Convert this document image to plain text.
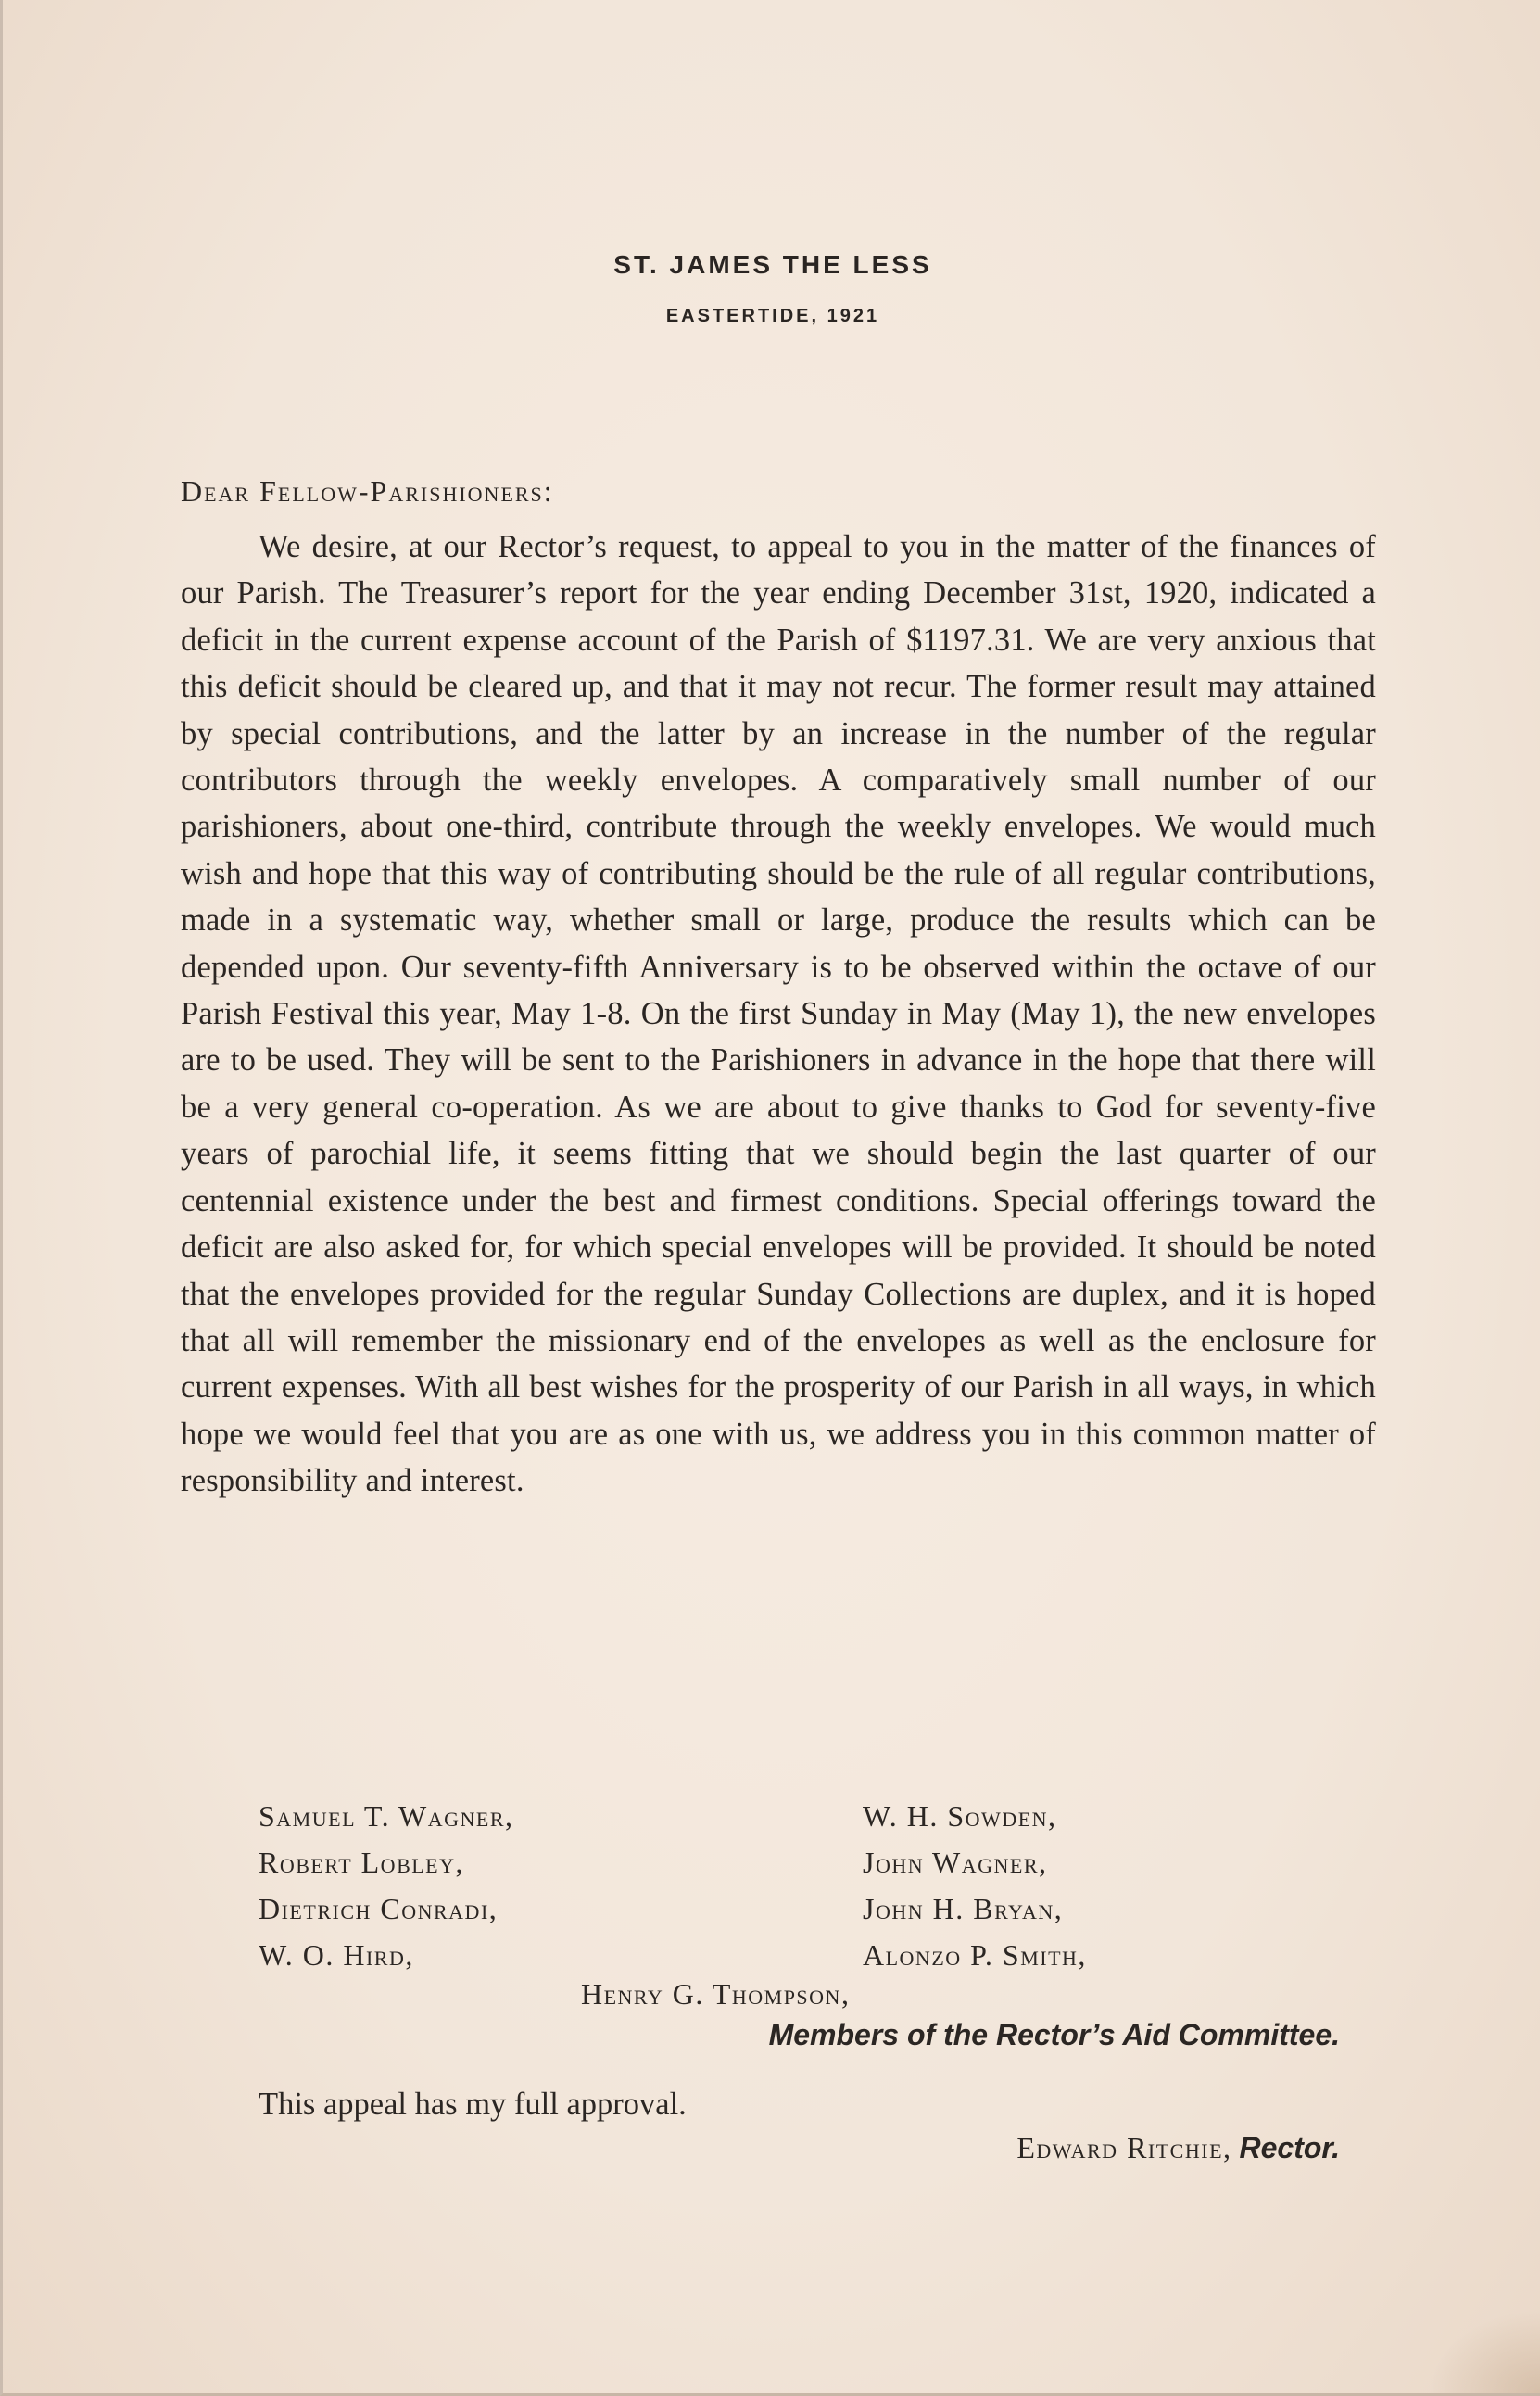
ST. JAMES THE LESS
EASTERTIDE, 1921
Dear Fellow-Parishioners:
We desire, at our Rector’s request, to appeal to you in the matter of the finances of our Parish. The Treasurer’s report for the year ending December 31st, 1920, indicated a deficit in the current expense account of the Parish of $1197.31. We are very anxious that this deficit should be cleared up, and that it may not recur. The former result may attained by special contributions, and the latter by an increase in the number of the regular contributors through the weekly envelopes. A comparatively small number of our parishioners, about one-third, contribute through the weekly envelopes. We would much wish and hope that this way of contributing should be the rule of all regular contributions, made in a systematic way, whether small or large, produce the results which can be depended upon. Our seventy-fifth Anniversary is to be observed within the octave of our Parish Festival this year, May 1-8. On the first Sunday in May (May 1), the new envelopes are to be used. They will be sent to the Parishioners in advance in the hope that there will be a very general co-operation. As we are about to give thanks to God for seventy-five years of parochial life, it seems fitting that we should begin the last quarter of our centennial existence under the best and firmest conditions. Special offerings toward the deficit are also asked for, for which special envelopes will be provided. It should be noted that the envelopes provided for the regular Sunday Collections are duplex, and it is hoped that all will remember the missionary end of the envelopes as well as the enclosure for current expenses. With all best wishes for the prosperity of our Parish in all ways, in which hope we would feel that you are as one with us, we address you in this common matter of responsibility and interest.
Samuel T. Wagner,
Robert Lobley,
Dietrich Conradi,
W. O. Hird,
W. H. Sowden,
John Wagner,
John H. Bryan,
Alonzo P. Smith,
Henry G. Thompson,
Members of the Rector’s Aid Committee.
This appeal has my full approval.
Edward Ritchie, Rector.
